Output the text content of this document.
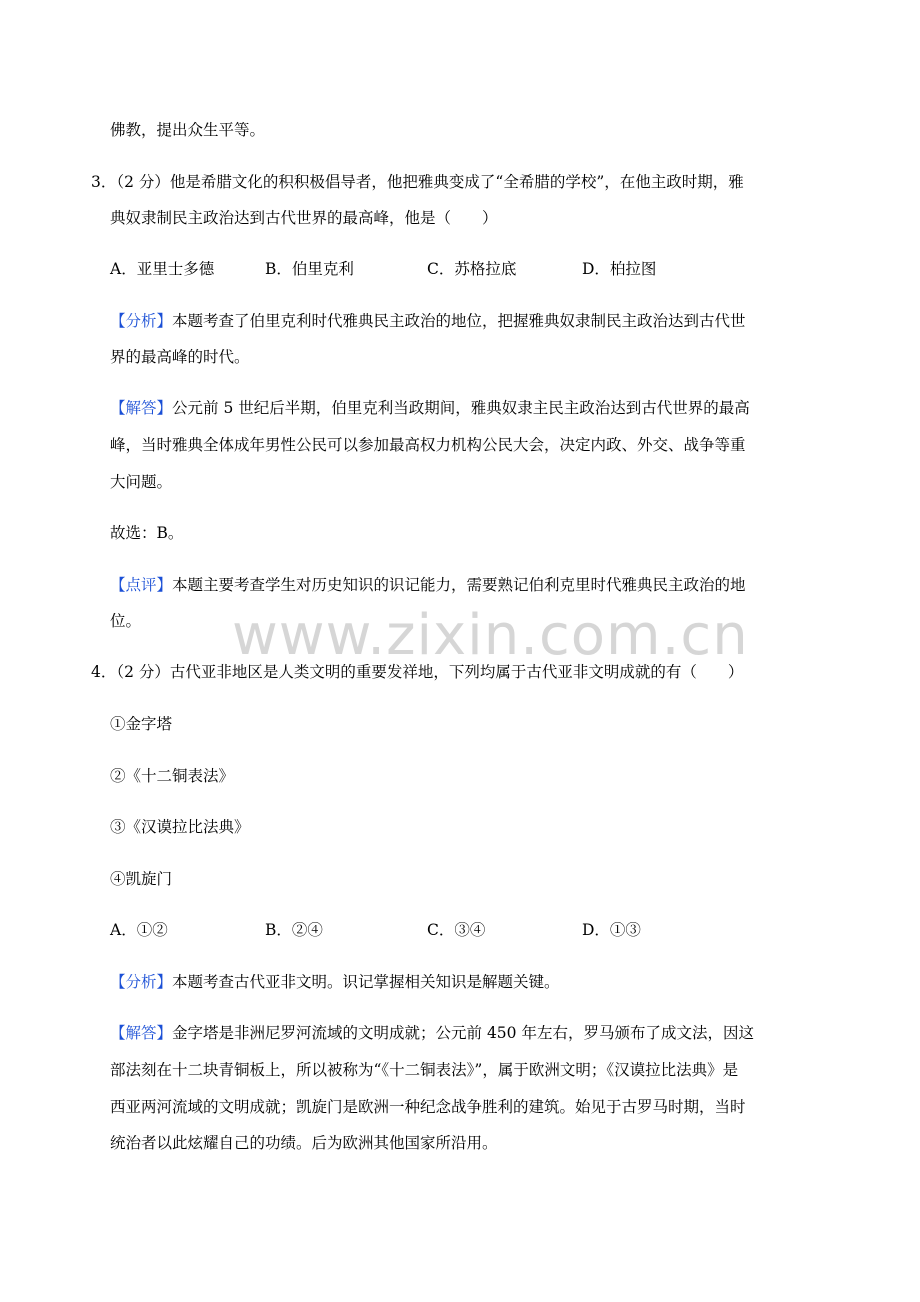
www.zixin.com.cn
佛教，提出众生平等。
3．（2 分）他是希腊文化的积积极倡导者，他把雅典变成了“全希腊的学校”，在他主政时期，雅
典奴隶制民主政治达到古代世界的最高峰，他是（　　）
A．亚里士多德	B．伯里克利	C．苏格拉底	D．柏拉图
【分析】本题考查了伯里克利时代雅典民主政治的地位，把握雅典奴隶制民主政治达到古代世
界的最高峰的时代。
【解答】公元前 5 世纪后半期，伯里克利当政期间，雅典奴隶主民主政治达到古代世界的最高
峰，当时雅典全体成年男性公民可以参加最高权力机构公民大会，决定内政、外交、战争等重
大问题。
故选：B。
【点评】本题主要考查学生对历史知识的识记能力，需要熟记伯利克里时代雅典民主政治的地
位。
4．（2 分）古代亚非地区是人类文明的重要发祥地，下列均属于古代亚非文明成就的有（　　）
①金字塔
②《十二铜表法》
③《汉谟拉比法典》
④凯旋门
A．①②	B．②④	C．③④	D．①③
【分析】本题考查古代亚非文明。识记掌握相关知识是解题关键。
【解答】金字塔是非洲尼罗河流域的文明成就；公元前 450 年左右，罗马颁布了成文法，因这
部法刻在十二块青铜板上，所以被称为“《十二铜表法》”，属于欧洲文明；《汉谟拉比法典》是
西亚两河流域的文明成就；凯旋门是欧洲一种纪念战争胜利的建筑。始见于古罗马时期，当时
统治者以此炫耀自己的功绩。后为欧洲其他国家所沿用。
